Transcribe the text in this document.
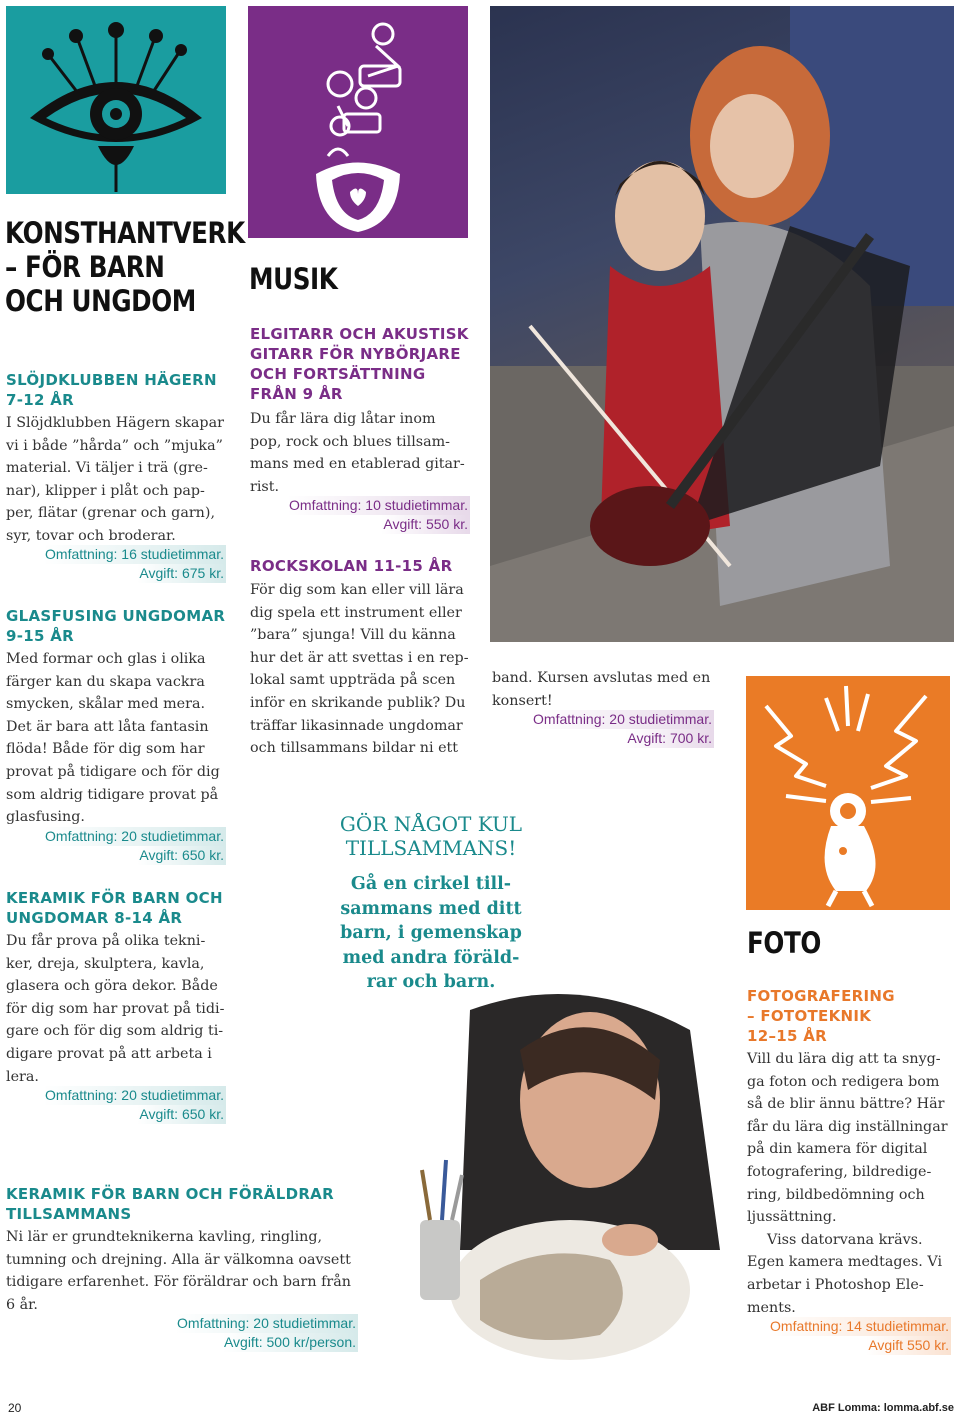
GÖR NÅGOT KUL
TILLSAMMANS!
Gå en cirkel till-
sammans med ditt
barn, i gemenskap
med andra föräld-
rar och barn.
KONSTHANTVERK
– FÖR BARN
OCH UNGDOM
SLÖJDKLUBBEN HÄGERN
7-12 ÅR
I Slöjdklubben Hägern skapar
vi i både ”hårda” och ”mjuka”
material. Vi täljer i trä (gre-
nar), klipper i plåt och pap-
per, flätar (grenar och garn),
syr, tovar och broderar.
Omfattning: 16 studietimmar.
Avgift: 675 kr.
GLASFUSING UNGDOMAR
9-15 ÅR
Med formar och glas i olika
färger kan du skapa vackra
smycken, skålar med mera.
Det är bara att låta fantasin
flöda! Både för dig som har
provat på tidigare och för dig
som aldrig tidigare provat på
glasfusing.
Omfattning: 20 studietimmar.
Avgift: 650 kr.
KERAMIK FÖR BARN OCH
UNGDOMAR 8-14 ÅR
Du får prova på olika tekni-
ker, dreja, skulptera, kavla,
glasera och göra dekor. Både
för dig som har provat på tidi-
gare och för dig som aldrig ti-
digare provat på att arbeta i
lera.
Omfattning: 20 studietimmar.
Avgift: 650 kr.
KERAMIK FÖR BARN OCH FÖRÄLDRAR
TILLSAMMANS
Ni lär er grundteknikerna kavling, ringling,
tumning och drejning. Alla är välkomna oavsett
tidigare erfarenhet. För föräldrar och barn från
6 år.
Omfattning: 20 studietimmar.
Avgift: 500 kr/person.
MUSIK
ELGITARR OCH AKUSTISK
GITARR FÖR NYBÖRJARE
OCH FORTSÄTTNING
FRÅN 9 ÅR
Du får lära dig låtar inom
pop, rock och blues tillsam-
mans med en etablerad gitar-
rist.
Omfattning: 10 studietimmar.
Avgift: 550 kr.
ROCKSKOLAN 11-15 ÅR
För dig som kan eller vill lära
dig spela ett instrument eller
”bara” sjunga! Vill du känna
hur det är att svettas i en rep-
lokal samt uppträda på scen
inför en skrikande publik? Du
träffar likasinnade ungdomar
och tillsammans bildar ni ett
band. Kursen avslutas med en
konsert!
Omfattning: 20 studietimmar.
Avgift: 700 kr.
FOTO
FOTOGRAFERING
– FOTOTEKNIK
12–15 ÅR
Vill du lära dig att ta snyg-
ga foton och redigera bom
så de blir ännu bättre? Här
får du lära dig inställningar
på din kamera för digital
fotografering, bildredige-
ring, bildbedömning och
ljussättning.
Viss datorvana krävs.
Egen kamera medtages. Vi
arbetar i Photoshop Ele-
ments.
Omfattning: 14 studietimmar.
Avgift 550 kr.
20	ABF Lomma: lomma.abf.se
